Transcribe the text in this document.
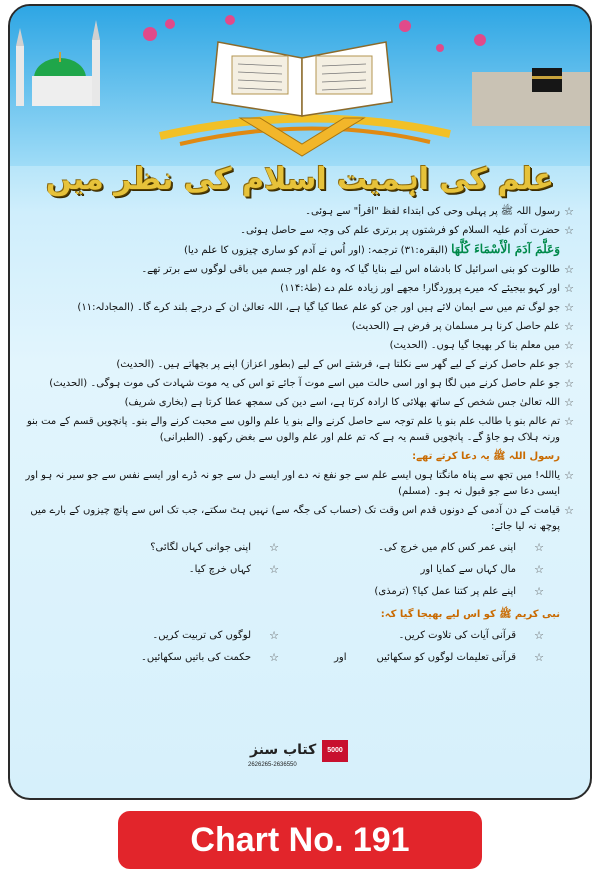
علم کی اہمیت اسلام کی نظر میں
☆
رسول اللہ ﷺ پر پہلی وحی کی ابتداء لفظ "اقرأ" سے ہوئی۔
☆
حضرت آدم علیہ السلام کو فرشتوں پر برتری علم کی وجہ سے حاصل ہوئی۔
وَعَلَّمَ آدَمَ الْأَسْمَاءَ كُلَّهَا (البقرہ:۳۱) ترجمہ: (اور اُس نے آدم کو ساری چیزوں کا علم دیا)
☆
طالوت کو بنی اسرائیل کا بادشاہ اس لیے بنایا گیا کہ وہ علم اور جسم میں باقی لوگوں سے برتر تھے۔
☆
اور کہو بیجیئے کہ میرے پروردگار! مجھے اور زیادہ علم دے (طہٰ:۱۱۴)
☆
جو لوگ تم میں سے ایمان لائے ہیں اور جن کو علم عطا کیا گیا ہے، اللہ تعالیٰ ان کے درجے بلند کرے گا۔ (المجادلہ:۱۱)
☆
علم حاصل کرنا ہر مسلمان پر فرض ہے (الحدیث)
☆
میں معلم بنا کر بھیجا گیا ہوں۔ (الحدیث)
☆
جو علم حاصل کرنے کے لیے گھر سے نکلتا ہے، فرشتے اس کے لیے (بطور اعزاز) اپنے پر بچھاتے ہیں۔ (الحدیث)
☆
جو علم حاصل کرنے میں لگا ہو اور اسی حالت میں اسے موت آ جائے تو اس کی یہ موت شہادت کی موت ہوگی۔ (الحدیث)
☆
اللہ تعالیٰ جس شخص کے ساتھ بھلائی کا ارادہ کرتا ہے، اسے دین کی سمجھ عطا کرتا ہے (بخاری شریف)
☆
تم عالم بنو یا طالب علم بنو یا علم توجہ سے حاصل کرنے والے بنو یا علم والوں سے محبت کرنے والے بنو۔ پانچویں قسم کے مت بنو ورنہ ہلاک ہو جاؤ گے۔ پانچویں قسم یہ ہے کہ تم علم اور علم والوں سے بغض رکھو۔ (الطبرانی)
رسول اللہ ﷺ یہ دعا کرتے تھے:
☆
یااللہ! میں تجھ سے پناہ مانگتا ہوں ایسے علم سے جو نفع نہ دے اور ایسے دل سے جو نہ ڈرے اور ایسے نفس سے جو سیر نہ ہو اور ایسی دعا سے جو قبول نہ ہو۔ (مسلم)
☆
قیامت کے دن آدمی کے دونوں قدم اس وقت تک (حساب کی جگہ سے) نہیں ہٹ سکتے، جب تک اس سے پانچ چیزوں کے بارے میں پوچھ نہ لیا جائے:
☆
اپنی عمر کس کام میں خرچ کی۔
☆
اپنی جوانی کہاں لگائی؟
☆
مال کہاں سے کمایا اور
☆
کہاں خرچ کیا۔
☆
اپنے علم پر کتنا عمل کیا؟ (ترمذی)
نبی کریم ﷺ کو اس لیے بھیجا گیا کہ:
☆
قرآنی آیات کی تلاوت کریں۔
☆
لوگوں کی تربیت کریں۔
☆
قرآنی تعلیمات لوگوں کو سکھائیں
اور
☆
حکمت کی باتیں سکھائیں۔
کتاب سنز
2626265-2636550
5000
Chart No. 191
